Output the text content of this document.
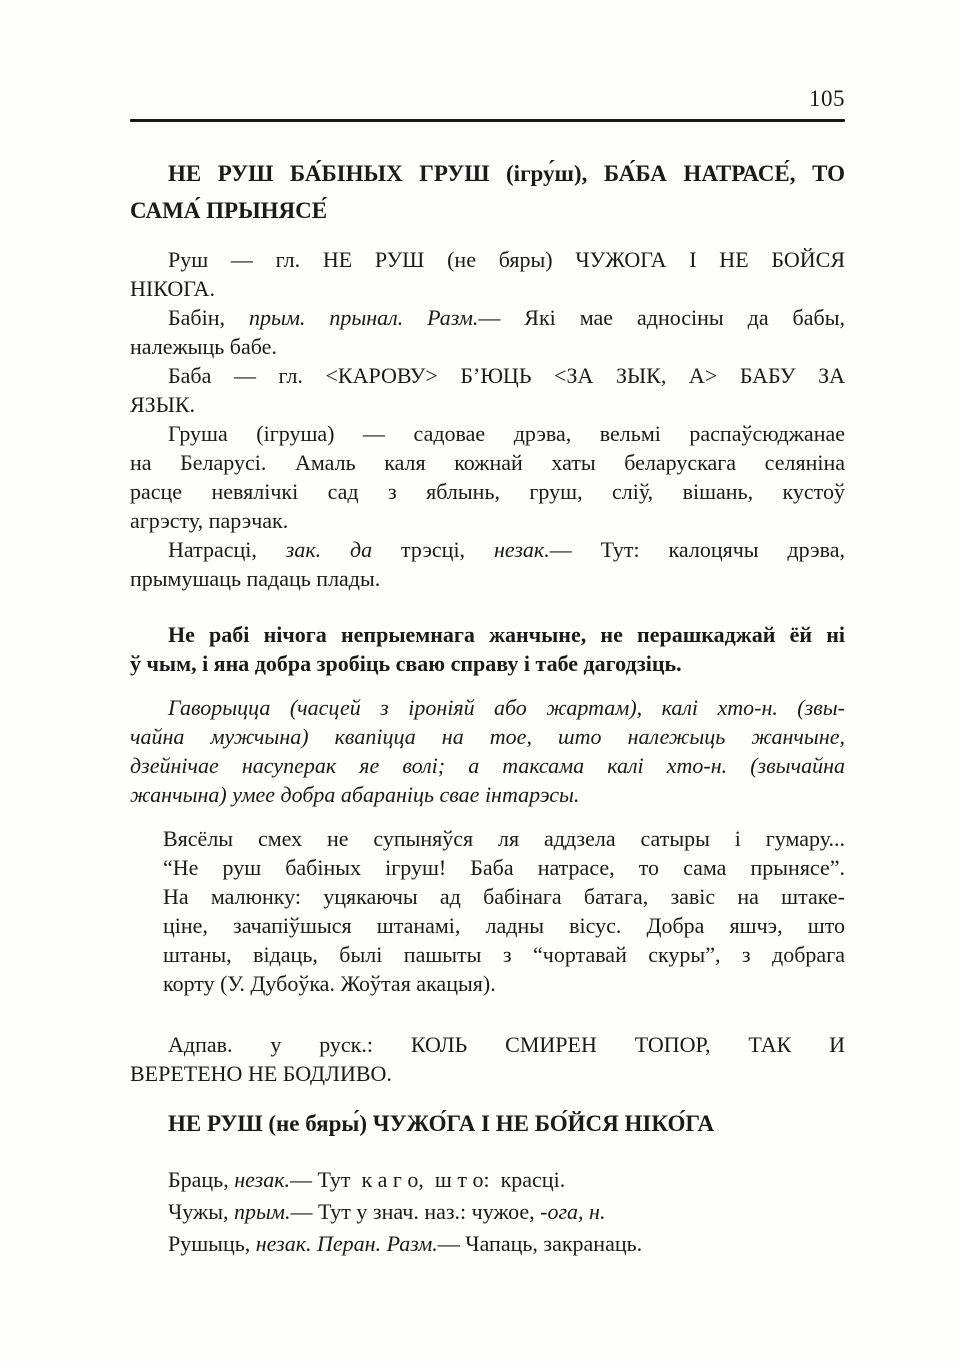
105
НЕ РУШ БА́БІНЫХ ГРУШ (ігру́ш), БА́БА НАТРАСЕ́, ТО
САМА́ ПРЫНЯСЕ́
Руш — гл. НЕ РУШ (не бяры) ЧУЖОГА І НЕ БОЙСЯ
НІКОГА.
Бабін, прым. прынал. Разм.— Які мае адносіны да бабы,
належыць бабе.
Баба — гл. <КАРОВУ> Б’ЮЦЬ <ЗА ЗЫК, А> БАБУ ЗА
ЯЗЫК.
Груша (ігруша) — садовае дрэва, вельмі распаўсюджанае
на Беларусі. Амаль каля кожнай хаты беларускага селяніна
расце невялічкі сад з яблынь, груш, сліў, вішань, кустоў
агрэсту, парэчак.
Натрасці, зак. да трэсці, незак.— Тут: калоцячы дрэва,
прымушаць падаць плады.
Не рабі нічога непрыемнага жанчыне, не перашкаджай ёй ні
ў чым, і яна добра зробіць сваю справу і табе дагодзіць.
Гаворыцца (часцей з іроніяй або жартам), калі хто-н. (звы-
чайна мужчына) квапіцца на тое, што належыць жанчыне,
дзейнічае насуперак яе волі; а таксама калі хто-н. (звычайна
жанчына) умее добра абараніць свае інтарэсы.
Вясёлы смех не супыняўся ля аддзела сатыры і гумару...
“Не руш бабіных ігруш! Баба натрасе, то сама прынясе”.
На малюнку: уцякаючы ад бабінага батага, завіс на штаке-
ціне, зачапіўшыся штанамі, ладны вісус. Добра яшчэ, што
штаны, відаць, былі пашыты з “чортавай скуры”, з добрага
корту (У. Дубоўка. Жоўтая акацыя).
Адпав. у руск.: КОЛЬ СМИРЕН ТОПОР, ТАК И
ВЕРЕТЕНО НЕ БОДЛИВО.
НЕ РУШ (не бяры́) ЧУЖО́ГА І НЕ БО́ЙСЯ НІКО́ГА
Браць, незак.— Тут  к а г о,  ш т о:  красці.
Чужы, прым.— Тут у знач. наз.: чужое, -ога, н.
Рушыць, незак. Перан. Разм.— Чапаць, закранаць.
